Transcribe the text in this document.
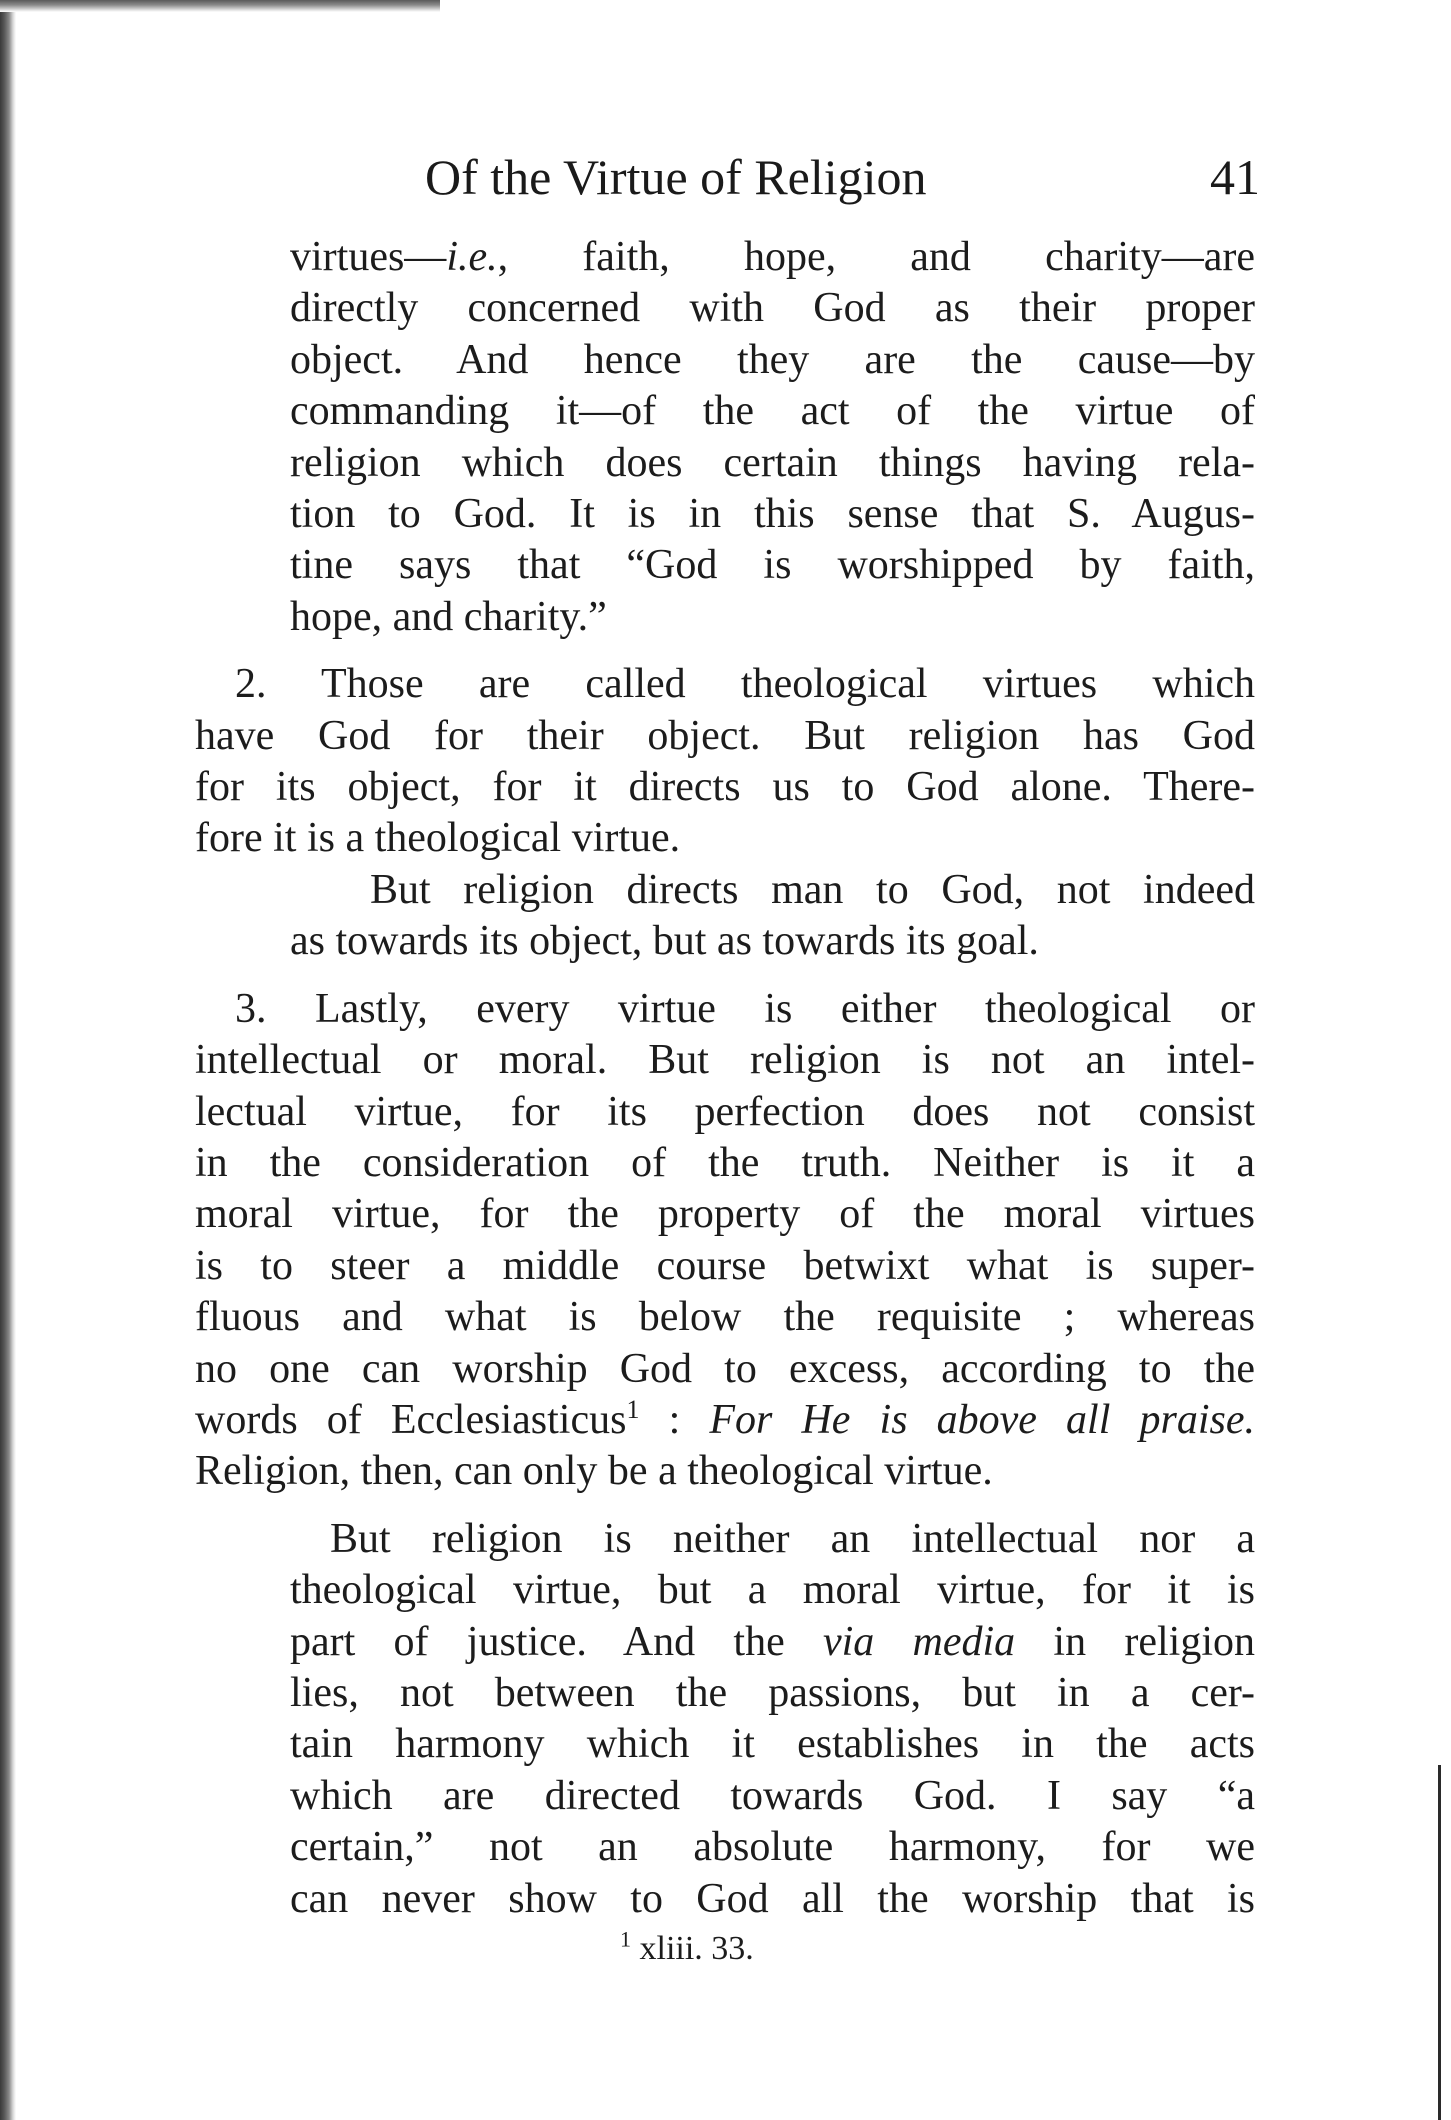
Of the Virtue of Religion	41

virtues—i.e., faith, hope, and charity—are

directly concerned with God as their proper

object. And hence they are the cause—by

commanding it—of the act of the virtue of

religion which does certain things having rela-

tion to God. It is in this sense that S. Augus-

tine says that “God is worshipped by faith,

hope, and charity.”

2. Those are called theological virtues which

have God for their object. But religion has God

for its object, for it directs us to God alone. There-

fore it is a theological virtue.

But religion directs man to God, not indeed

as towards its object, but as towards its goal.

3. Lastly, every virtue is either theological or

intellectual or moral. But religion is not an intel-

lectual virtue, for its perfection does not consist

in the consideration of the truth. Neither is it a

moral virtue, for the property of the moral virtues

is to steer a middle course betwixt what is super-

fluous and what is below the requisite ; whereas

no one can worship God to excess, according to the

words of Ecclesiasticus$^1$ : For He is above all praise.

Religion, then, can only be a theological virtue.

But religion is neither an intellectual nor a

theological virtue, but a moral virtue, for it is

part of justice. And the via media in religion

lies, not between the passions, but in a cer-

tain harmony which it establishes in the acts

which are directed towards God. I say “a

certain,” not an absolute harmony, for we

can never show to God all the worship that is

$^1$ xliii. 33.
